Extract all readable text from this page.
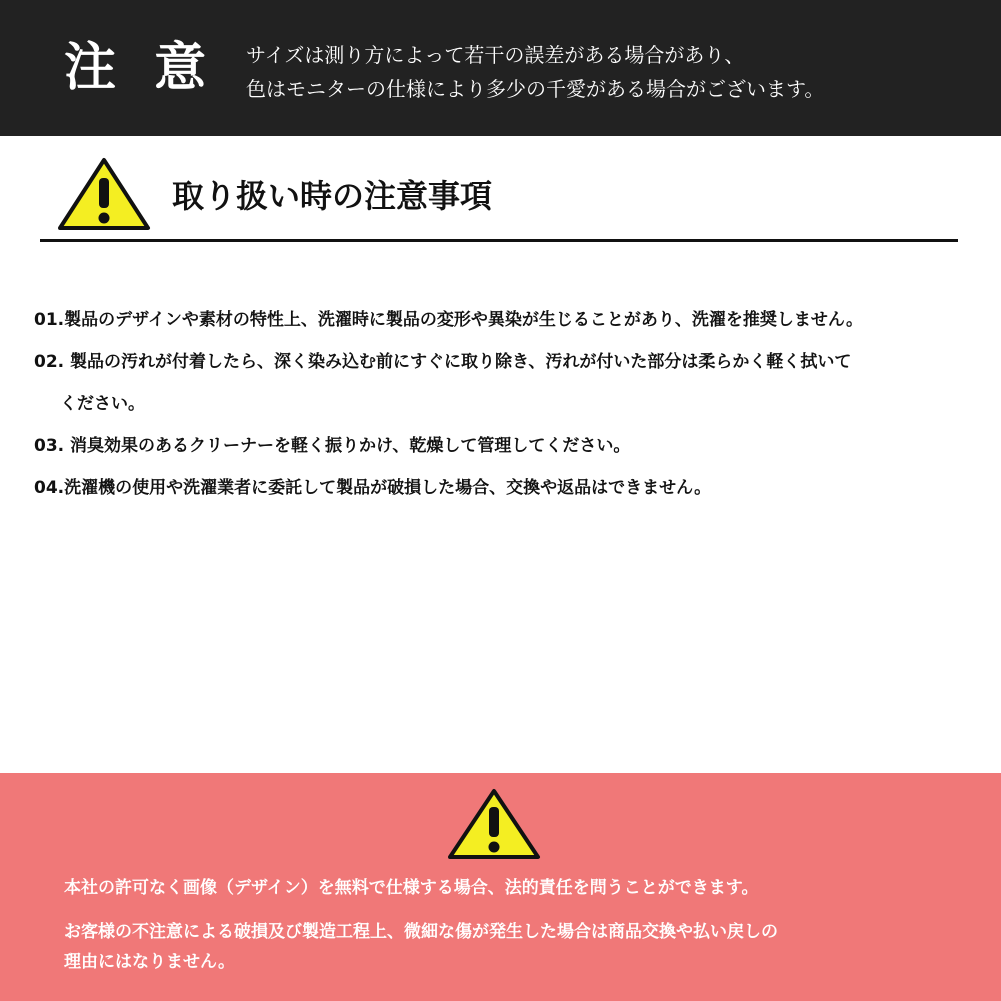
注 意 サイズは測り方によって若干の誤差がある場合があり、
色はモニターの仕様により多少の千愛がある場合がございます。
取り扱い時の注意事項
01.製品のデザインや素材の特性上、洗濯時に製品の変形や異染が生じることがあり、洗濯を推奨しません。
02. 製品の汚れが付着したら、深く染み込む前にすぐに取り除き、汚れが付いた部分は柔らかく軽く拭いて
ください。
03. 消臭効果のあるクリーナーを軽く振りかけ、乾燥して管理してください。
04.洗濯機の使用や洗濯業者に委託して製品が破損した場合、交換や返品はできません。
本社の許可なく画像（デザイン）を無料で仕様する場合、法的責任を問うことができます。
お客様の不注意による破損及び製造工程上、微細な傷が発生した場合は商品交換や払い戻しの
理由にはなりません。
